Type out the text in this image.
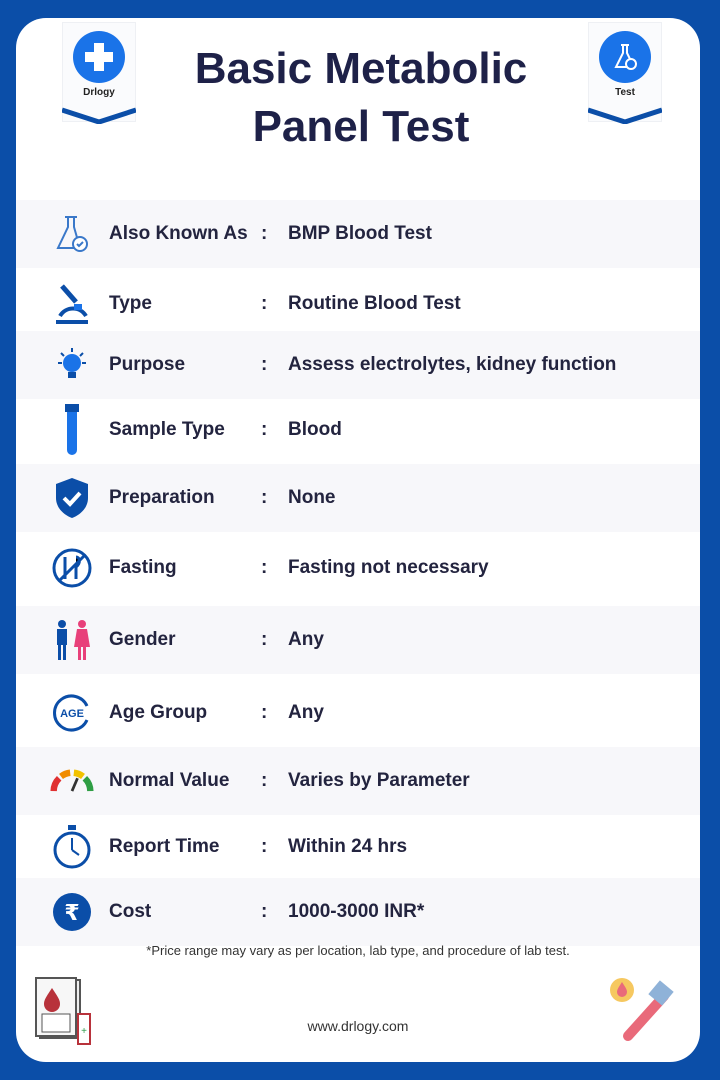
Drlogy	Test
Basic Metabolic
Panel Test
Also Known As : BMP Blood Test
Type	: Routine Blood Test
Purpose	: Assess electrolytes, kidney function
Sample Type : Blood
Preparation : None
Fasting	: Fasting not necessary
Gender	: Any
AGE Age Group	: Any
Normal Value : Varies by Parameter
Report Time : Within 24 hrs
₹ Cost	: 1000-3000 INR*
*Price range may vary as per location, lab type, and procedure of lab test.
+	www.drlogy.com
